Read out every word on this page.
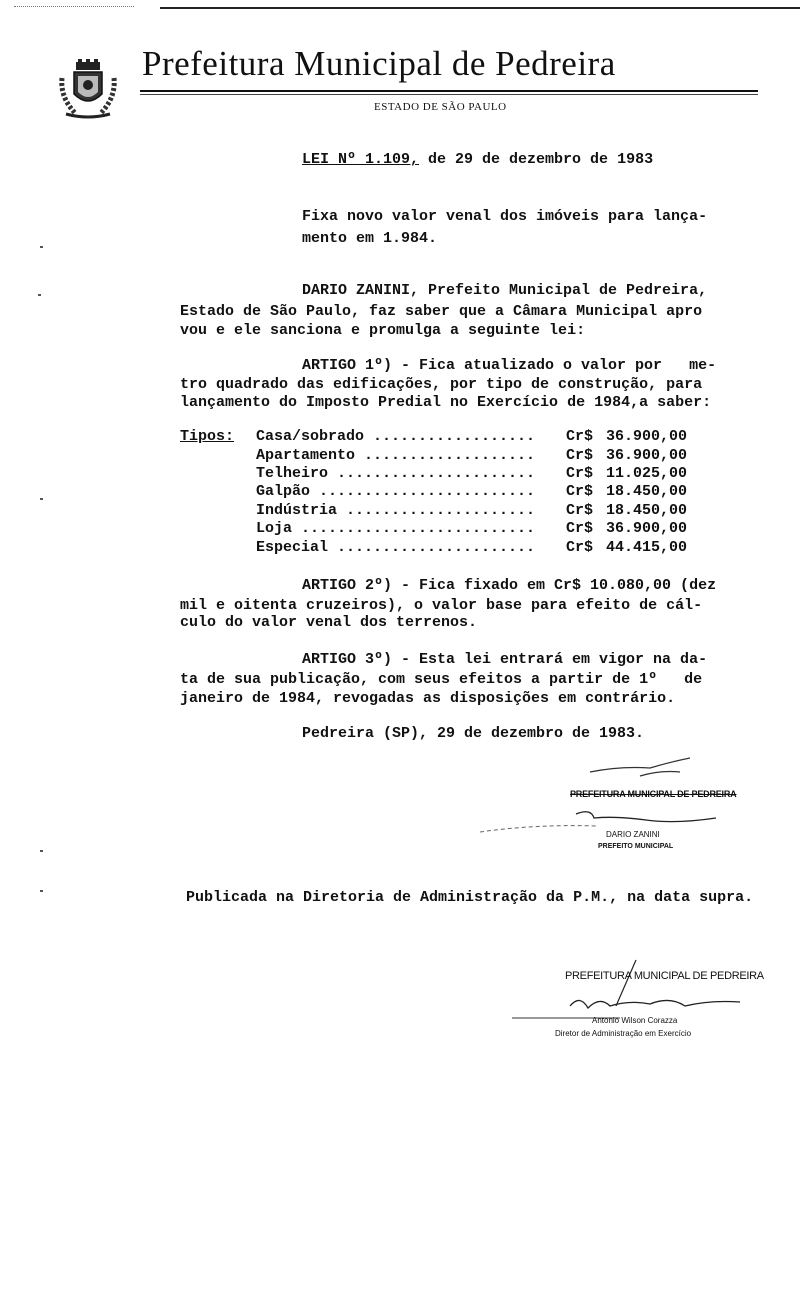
Prefeitura Municipal de Pedreira
ESTADO DE SÃO PAULO
LEI Nº 1.109, de 29 de dezembro de 1983
Fixa novo valor venal dos imóveis para lança-
mento em 1.984.
DARIO ZANINI, Prefeito Municipal de Pedreira,
Estado de São Paulo, faz saber que a Câmara Municipal apro
vou e ele sanciona e promulga a seguinte lei:
ARTIGO 1º) - Fica atualizado o valor por   me-
tro quadrado das edificações, por tipo de construção, para
lançamento do Imposto Predial no Exercício de 1984,a saber:
Tipos: Casa/sobrado .................. Cr$ 36.900,00
Apartamento ................... Cr$ 36.900,00
Telheiro ...................... Cr$ 11.025,00
Galpão ........................ Cr$ 18.450,00
Indústria ..................... Cr$ 18.450,00
Loja .......................... Cr$ 36.900,00
Especial ...................... Cr$ 44.415,00
ARTIGO 2º) - Fica fixado em Cr$ 10.080,00 (dez
mil e oitenta cruzeiros), o valor base para efeito de cál-
culo do valor venal dos terrenos.
ARTIGO 3º) - Esta lei entrará em vigor na da-
ta de sua publicação, com seus efeitos a partir de 1º   de
janeiro de 1984, revogadas as disposições em contrário.
Pedreira (SP), 29 de dezembro de 1983.
PREFEITURA MUNICIPAL DE PEDREIRA
DARIO ZANINI
PREFEITO MUNICIPAL
Publicada na Diretoria de Administração da P.M., na data supra.
PREFEITURA MUNICIPAL DE PEDREIRA
Antonio Wilson Corazza
Diretor de Administração em Exercício
